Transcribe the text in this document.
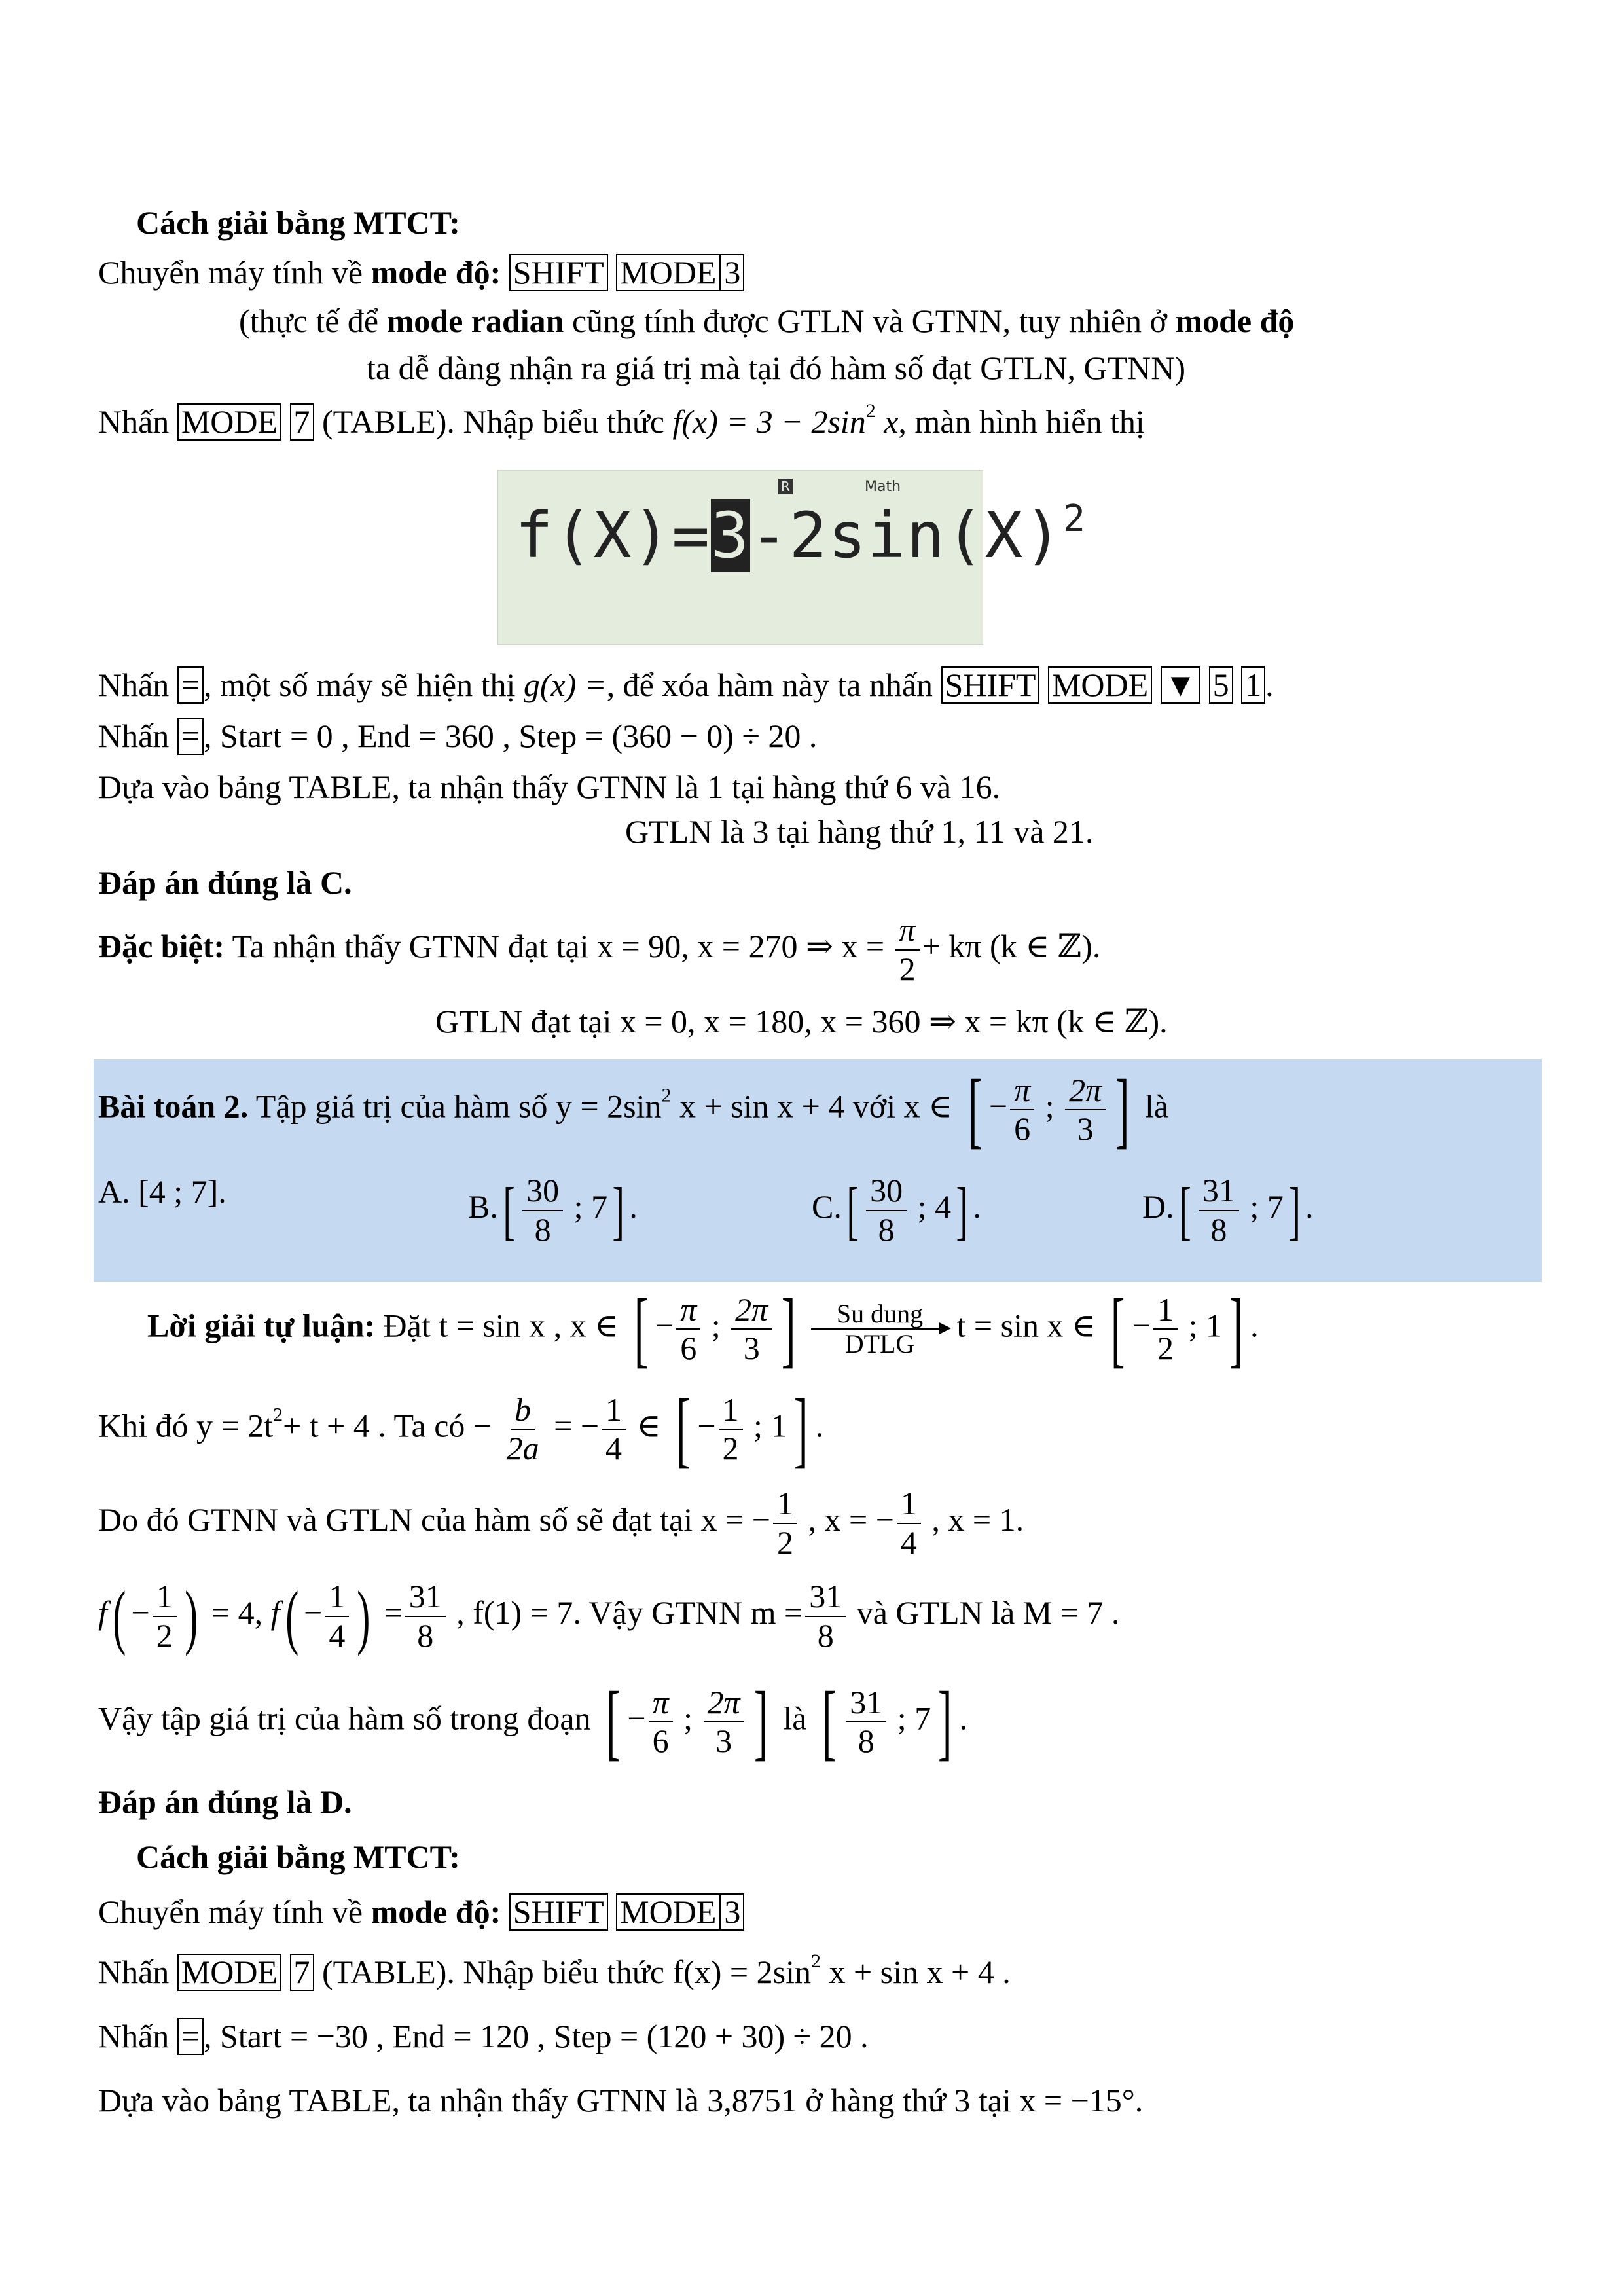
Cách giải bằng MTCT:
Chuyển máy tính về mode độ: SHIFT MODE 3
(thực tế để mode radian cũng tính được GTLN và GTNN, tuy nhiên ở mode độ
ta dễ dàng nhận ra giá trị mà tại đó hàm số đạt GTLN, GTNN)
Nhấn MODE 7 (TABLE). Nhập biểu thức $f(x) = 3 - 2\sin^2$ x, màn hình hiển thị
R	Math
$f(X)=3-2\sin(X)^2$
Nhấn = , một số máy sẽ hiện thị g(x) =, để xóa hàm này ta nhấn SHIFT MODE ▼ 5 1 .
Nhấn = , Start = 0 , End = 360 , Step = (360 − 0) ÷ 20 .
Dựa vào bảng TABLE, ta nhận thấy GTNN là 1 tại hàng thứ 6 và 16.
GTLN là 3 tại hàng thứ 1, 11 và 21.
Đáp án đúng là C.
Đặc biệt: Ta nhận thấy GTNN đạt tại x = 90, x = 270 ⇒ $x = \frac{\pi}{2} + k\pi$ (k ∈ ℤ).
GTLN đạt tại x = 0, x = 180, x = 360 ⇒ x = kπ (k ∈ ℤ).
Bài toán 2. Tập giá trị của hàm số $y = 2\sin^2$ x + sin x + 4 với x ∈ [ − $\frac{\pi}{6}$ ; $\frac{2\pi}{3}$ ] là
A. [4 ; 7].	$B.[ \frac{30}{8}$ ; 7] .	$C.[ \frac{30}{8}$ ; 4] .	$D.[ \frac{31}{8}$ ; 7] .
Lời giải tự luận: Đặt t = sin x , x ∈ [ − $\frac{\pi}{6}$ ; $\frac{2\pi}{3}$ ] Su dung
DTLG
t = sin x ∈ [ − $\frac{1}{2}$ ; 1] .
Khi đó $y = 2t^2+ t + 4$ . Ta có − $\frac{b}{2a}$ = − $\frac{1}{4}$ ∈ [ − $\frac{1}{2}$ ; 1] .
Do đó GTNN và GTLN của hàm số sẽ đạt tại x = − $\frac{1}{2}$ , x = − $\frac{1}{4}$ , x = 1.
$f( - \frac{1}{2}$ ) = 4, $f( - \frac{1}{4}$ ) = $\frac{31}{8}$ , f(1) = 7. Vậy GTNN $m = \frac{31}{8}$ và GTLN là M = 7 .
Vậy tập giá trị của hàm số trong đoạn [ − $\frac{\pi}{6}$ ; $\frac{2\pi}{3}$ ] là [ $\frac{31}{8}$ ; 7] .
Đáp án đúng là D.
Cách giải bằng MTCT:
Chuyển máy tính về mode độ: SHIFT MODE 3
Nhấn MODE 7 (TABLE). Nhập biểu thức $f(x) = 2\sin^2$ x + sin x + 4 .
Nhấn = , Start = −30 , End = 120 , Step = (120 + 30) ÷ 20 .
Dựa vào bảng TABLE, ta nhận thấy GTNN là 3,8751 ở hàng thứ 3 tại x = −15°.
